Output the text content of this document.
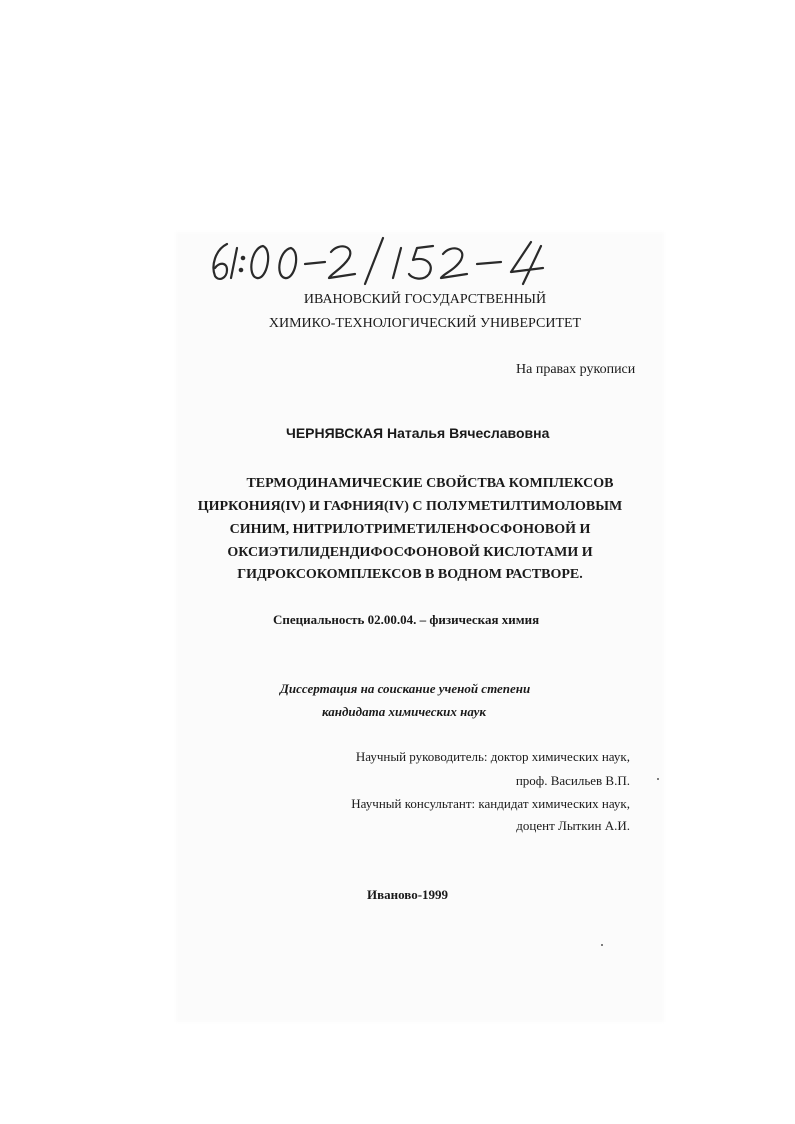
ИВАНОВСКИЙ ГОСУДАРСТВЕННЫЙ
ХИМИКО-ТЕХНОЛОГИЧЕСКИЙ УНИВЕРСИТЕТ
На правах рукописи
ЧЕРНЯВСКАЯ Наталья Вячеславовна
ТЕРМОДИНАМИЧЕСКИЕ СВОЙСТВА КОМПЛЕКСОВ
ЦИРКОНИЯ(IV) И ГАФНИЯ(IV) С ПОЛУМЕТИЛТИМОЛОВЫМ
СИНИМ, НИТРИЛОТРИМЕТИЛЕНФОСФОНОВОЙ И
ОКСИЭТИЛИДЕНДИФОСФОНОВОЙ КИСЛОТАМИ И
ГИДРОКСОКОМПЛЕКСОВ В ВОДНОМ РАСТВОРЕ.
Специальность 02.00.04. – физическая химия
Диссертация на соискание ученой степени
кандидата химических наук
Научный руководитель: доктор химических наук,
проф. Васильев В.П.
Научный консультант: кандидат химических наук,
доцент Лыткин А.И.
Иваново-1999
